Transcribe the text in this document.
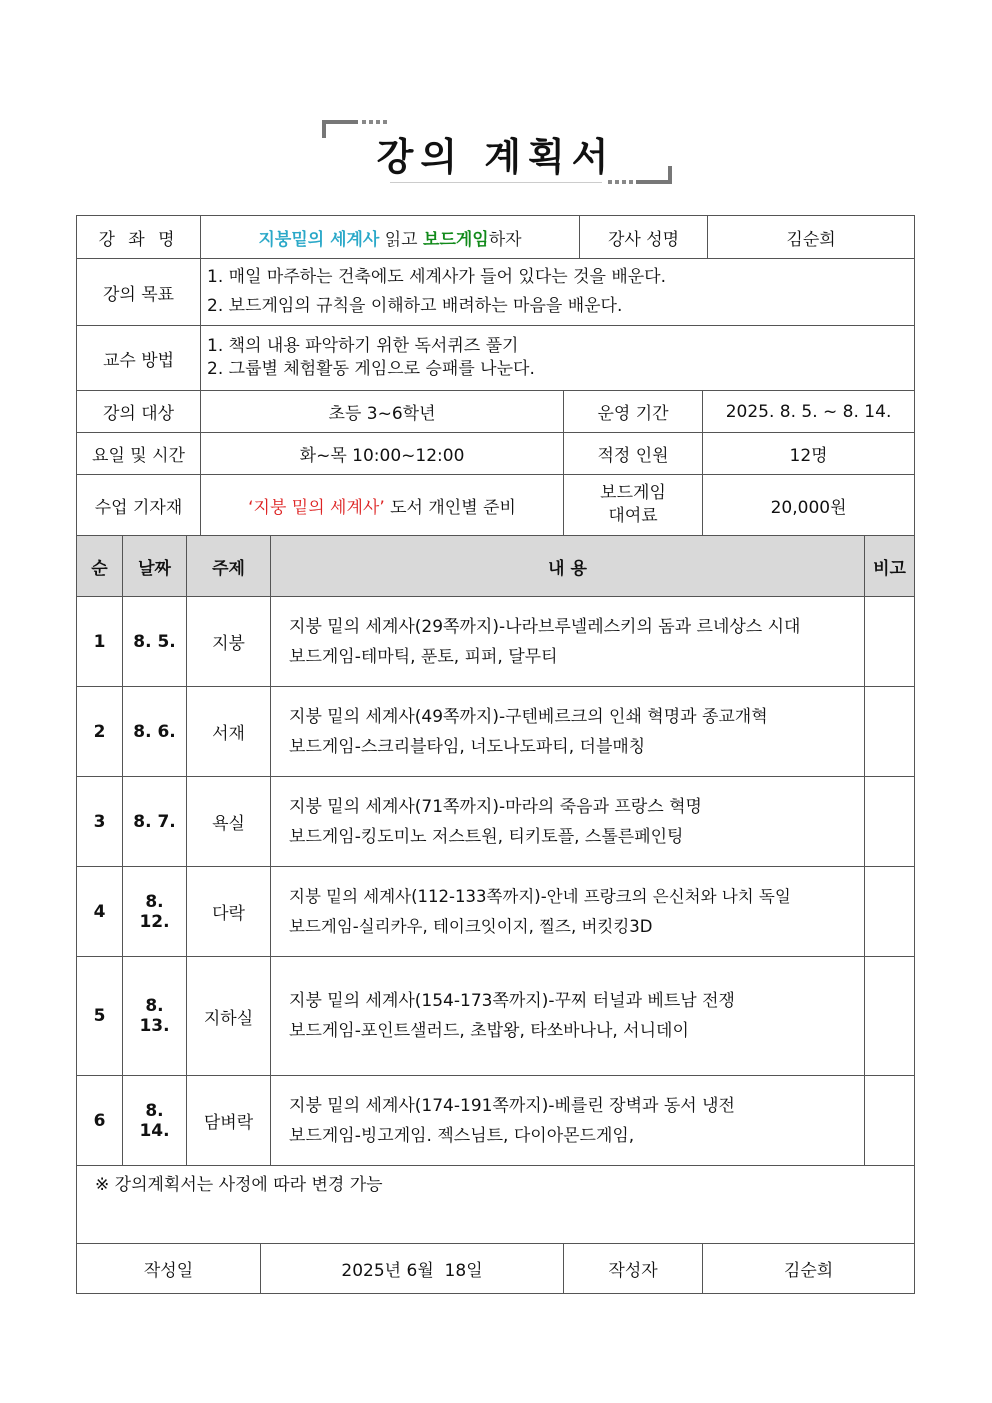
강의 계획서
강 좌 명			지붕밑의 세계사 읽고 보드게임하자				강사 성명		김순희	
강의 목표			1. 매일 마주하는 건축에도 세계사가 들어 있다는 것을 배운다.
2. 보드게임의 규칙을 이해하고 배려하는 마음을 배운다.							

교수 방법			1. 책의 내용 파악하기 위한 독서퀴즈 풀기
2. 그룹별 체험활동 게임으로 승패를 나눈다.							

강의 대상			초등 3~6학년			운영 기간		2025. 8. 5. ~ 8. 14.		
요일 및 시간			화~목 10:00~12:00			적정 인원		12명		
수업 기자재			‘지붕 밑의 세계사’ 도서 개인별 준비			보드게임
대여료		20,000원		
순	날짜	주제			내 용					비고
1	8. 5.	지붕			지붕 밑의 세계사(29쪽까지)-나라브루넬레스키의 돔과 르네상스 시대
보드게임-테마틱, 푼토, 피퍼, 달무티					

2	8. 6.	서재			지붕 밑의 세계사(49쪽까지)-구텐베르크의 인쇄 혁명과 종교개혁
보드게임-스크리블타임, 너도나도파티, 더블매칭					

3	8. 7.	욕실			지붕 밑의 세계사(71쪽까지)-마라의 죽음과 프랑스 혁명
보드게임-킹도미노 저스트원, 티키토플, 스톨른페인팅					

4	8. 12.	다락			지붕 밑의 세계사(112-133쪽까지)-안네 프랑크의 은신처와 나치 독일
보드게임-실리카우, 테이크잇이지, 찔즈, 버킷킹3D					

5	8. 13.	지하실			지붕 밑의 세계사(154-173쪽까지)-꾸찌 터널과 베트남 전쟁
보드게임-포인트샐러드, 초밥왕, 타쏘바나나, 서니데이					

6	8. 14.	담벼락			지붕 밑의 세계사(174-191쪽까지)-베를린 장벽과 동서 냉전
보드게임-빙고게임. 젝스님트, 다이아몬드게임,					

※ 강의계획서는 사정에 따라 변경 가능										
작성일				2025년 6월  18일		작성자		김순희		
